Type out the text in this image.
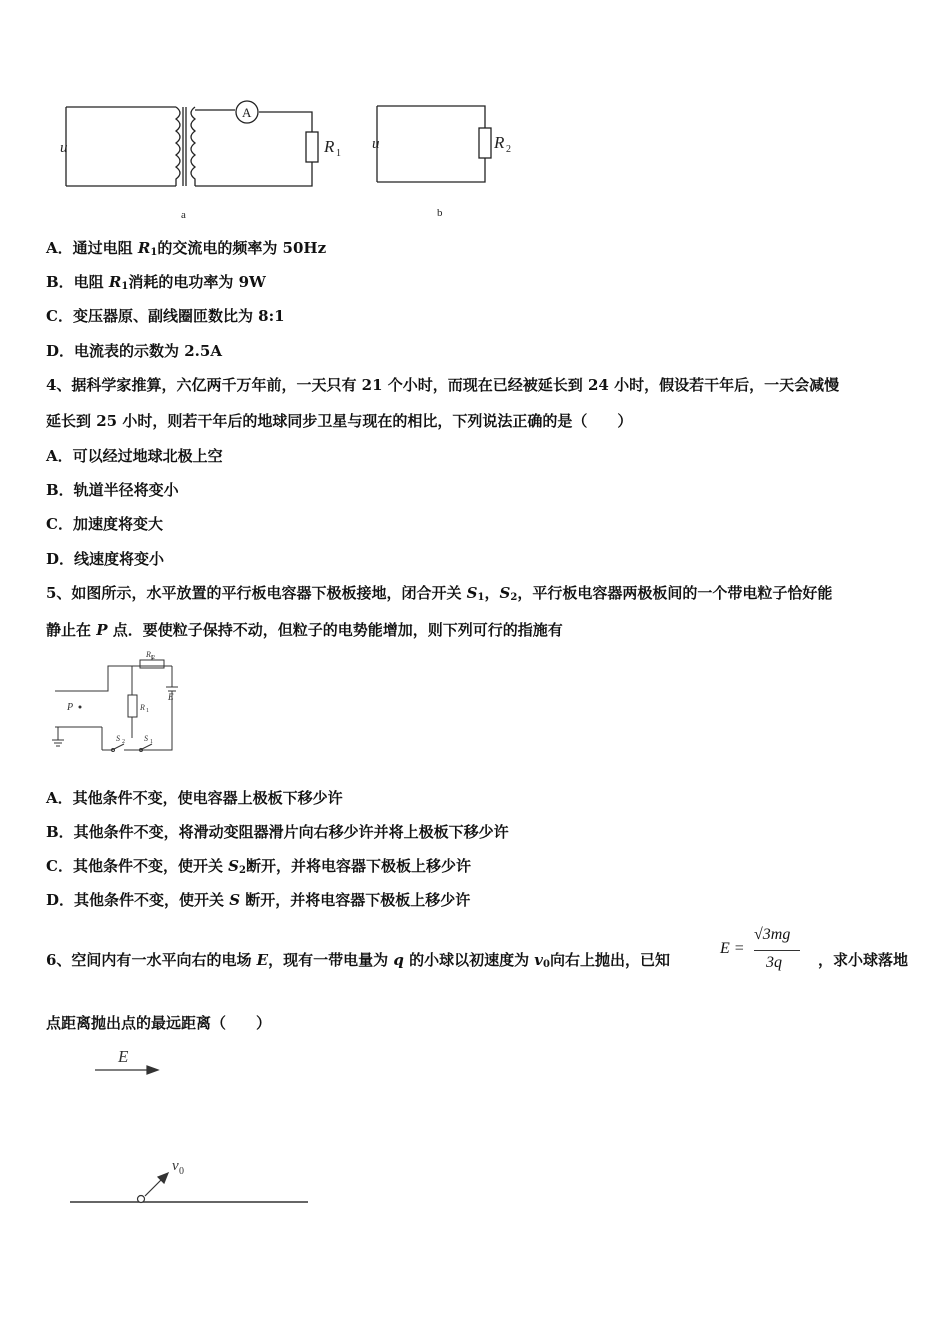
u
A
R 1
u	R 2
a	b
A．通过电阻 $R_1$的交流电的频率为 50Hz
B．电阻 $R_1$消耗的电功率为 9W
C．变压器原、副线圈匝数比为 8:1
D．电流表的示数为 2.5A
4、据科学家推算，六亿两千万年前，一天只有 21 个小时，而现在已经被延长到 24 小时，假设若干年后，一天会减慢
延长到 25 小时，则若干年后的地球同步卫星与现在的相比，下列说法正确的是（　　）
A．可以经过地球北极上空
B．轨道半径将变小
C．加速度将变大
D．线速度将变小
5、如图所示，水平放置的平行板电容器下极板接地，闭合开关 $S_1$，$S_2$，平行板电容器两极板间的一个带电粒子恰好能
静止在 P 点．要使粒子保持不动，但粒子的电势能增加，则下列可行的指施有
P
R 2
R 1
E
S 2 S 1
A．其他条件不变，使电容器上极板下移少许
B．其他条件不变，将滑动变阻器滑片向右移少许并将上极板下移少许
C．其他条件不变，使开关 $S_2$断开，并将电容器下极板上移少许
D．其他条件不变，使开关 S 断开，并将电容器下极板上移少许
6、空间内有一水平向右的电场 E，现有一带电量为 q 的小球以初速度为 $v_0$向右上抛出，已知
E =
√3mg
3q ，求小球落地
点距离抛出点的最远距离（　　）
E
v 0
